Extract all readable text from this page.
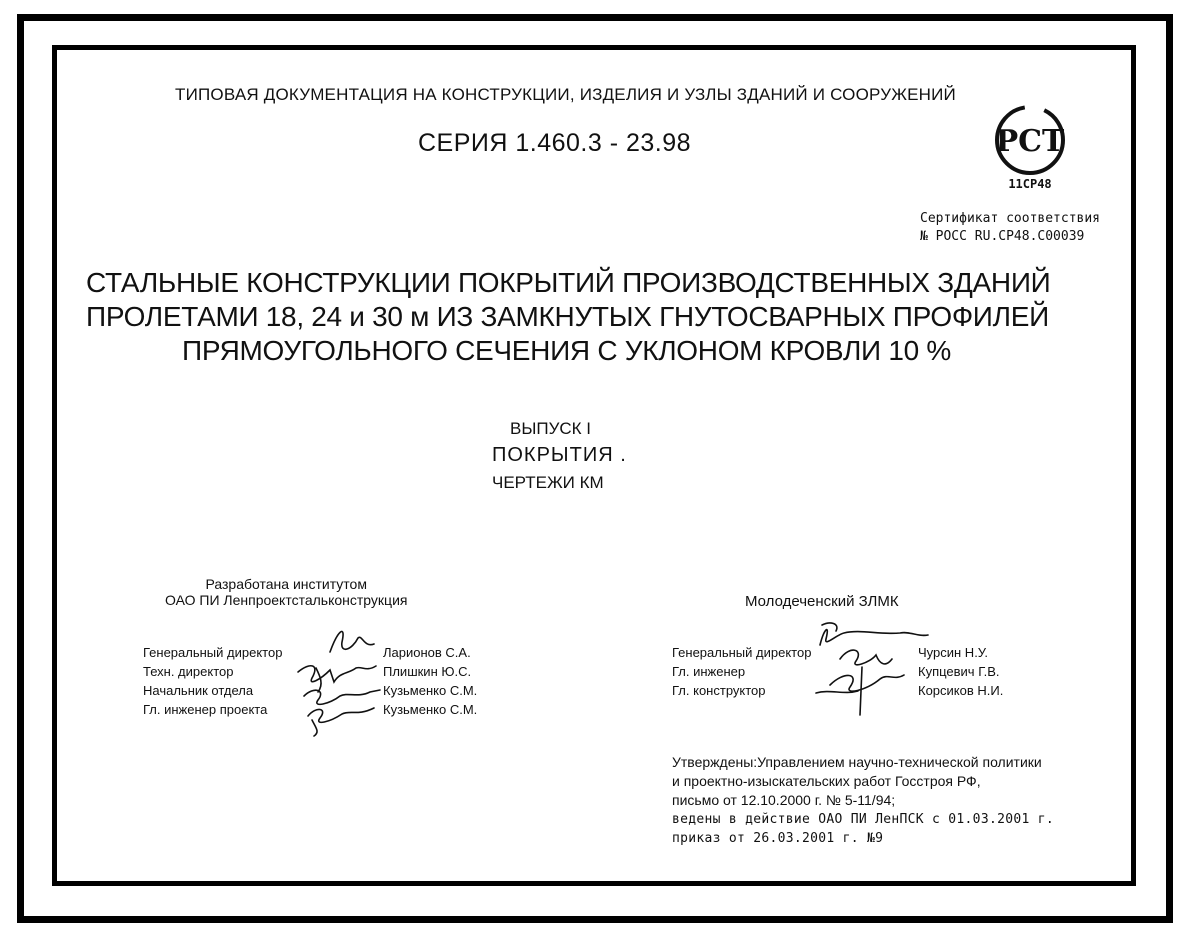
ТИПОВАЯ ДОКУМЕНТАЦИЯ НА КОНСТРУКЦИИ, ИЗДЕЛИЯ И УЗЛЫ ЗДАНИЙ И СООРУЖЕНИЙ
СЕРИЯ 1.460.3 - 23.98	PCT
11CP48
Сертификат соответствия
№ РОСС RU.CP48.C00039
СТАЛЬНЫЕ КОНСТРУКЦИИ ПОКРЫТИЙ ПРОИЗВОДСТВЕННЫХ ЗДАНИЙ
ПРОЛЕТАМИ 18, 24 и 30 м ИЗ ЗАМКНУТЫХ ГНУТОСВАРНЫХ ПРОФИЛЕЙ
ПРЯМОУГОЛЬНОГО СЕЧЕНИЯ С УКЛОНОМ КРОВЛИ 10 %
ВЫПУСК I
ПОКРЫТИЯ .
ЧЕРТЕЖИ КМ
Разработана институтом
ОАО ПИ Ленпроектстальконструкция
Генеральный директор
Техн. директор
Начальник отдела
Гл. инженер проекта
Ларионов С.А.
Плишкин Ю.С.
Кузьменко С.М.
Кузьменко С.М.
Молодеченский ЗЛМК
Генеральный директор
Гл. инженер
Гл. конструктор
Чурсин Н.У.
Купцевич Г.В.
Корсиков Н.И.
Утверждены:Управлением научно-технической политики
и проектно-изыскательских работ Госстроя РФ,
письмо от 12.10.2000 г. № 5-11/94;
ведены в действие ОАО ПИ ЛенПСК с 01.03.2001 г.
приказ от 26.03.2001 г. №9
